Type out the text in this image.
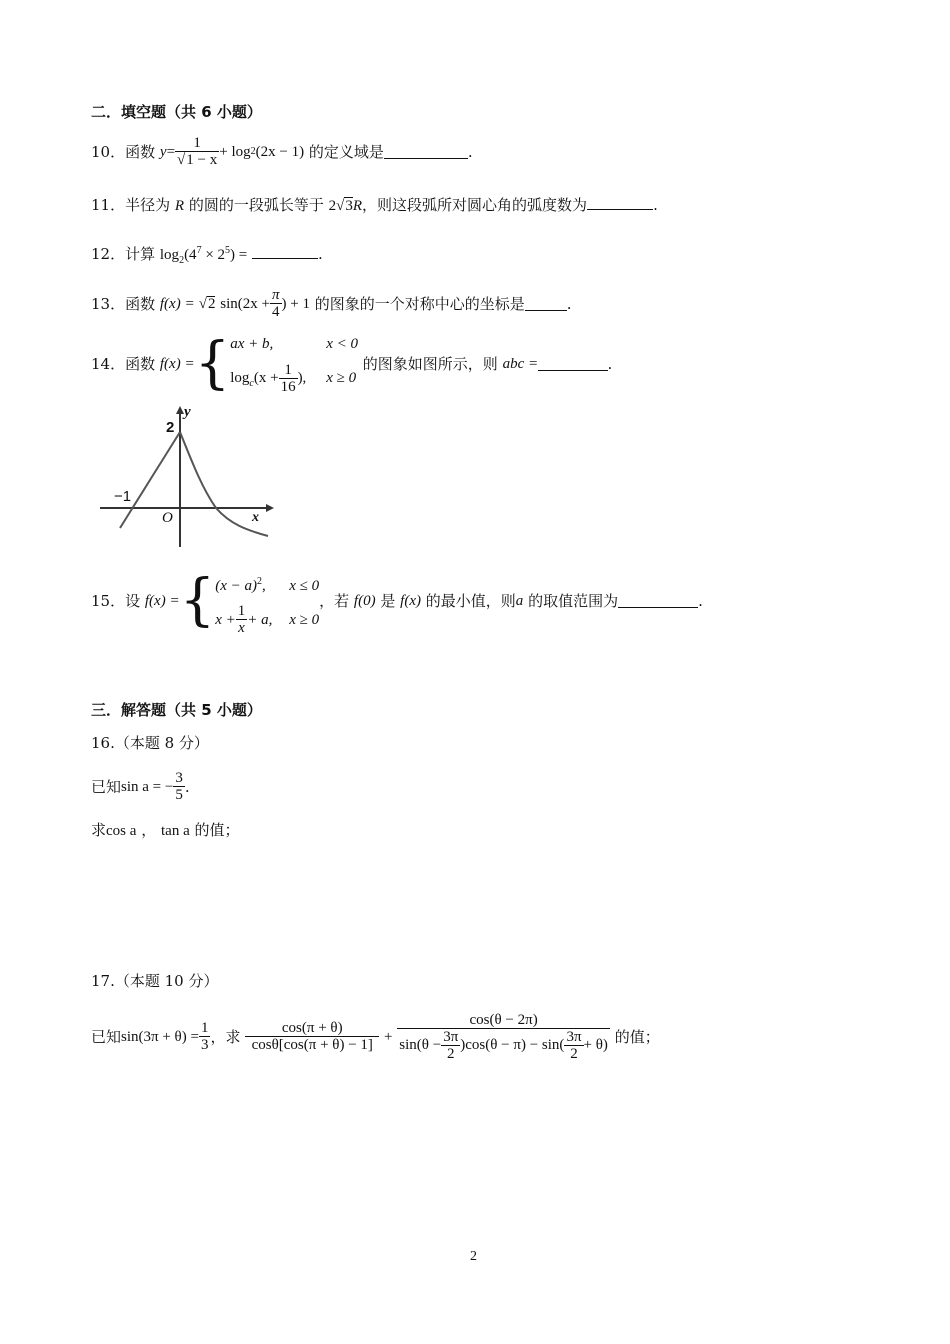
二．填空题（共 6 小题）
10． 函数
$y = \frac{1}{√1 - x} + \log 2$ (2x − 1)
的定义域是	.
11．半径为 R 的圆的一段弧长等于 2√3R，则这段弧所对圆心角的弧度数为	.
12．计算 $\log_2(4^7 \times 2^5)$ =	.
13． 函数
f(x)
=
√ 2
$\sin(2x + \frac{\pi}{4}$ ) + 1
的图象的一个对称中心的坐标是	.
14． 函数
f(x) = { ax + b,	x < 0
$\log_c(x + \frac{1}{16}$ ), x ≥ 0

的图象如图所示，则
abc
=	.
y
x
O
2
−1
15． 设
f(x) = { $(x - a)^2$, x ≤ 0
$x + \frac{1}{x} + a$, x ≥ 0
，若
f(0)
是
f(x)
的最小值，则 a
的取值范围为	.
三．解答题（共 5 小题）
16.（本题 8 分）
已知 sin a = − $\frac{3}{5}$ .
求cos a ， tan a 的值；
17.（本题 10 分）
已知 $\sin(3\pi + \theta) = \frac{1}{3}$ ，求
$\frac{\cos(\pi + \theta)}{\cos\theta[\cos(\pi + \theta) - 1]}$
+

cos(θ − 2π)
$\sin(\theta - \frac{3\pi}{2} )\cos(\theta - \pi) - \sin( \frac{3\pi}{2} + \theta)$
的值；
2
